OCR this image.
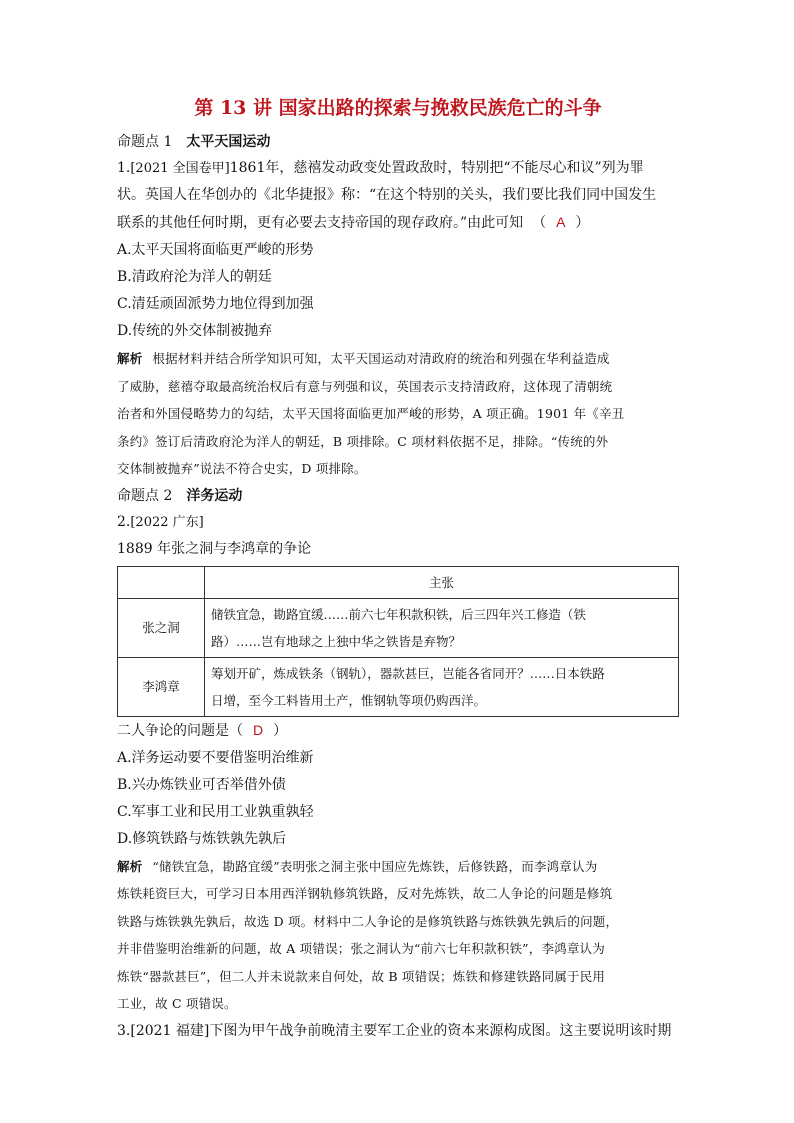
第 13 讲 国家出路的探索与挽救民族危亡的斗争
命题点 1 太平天国运动
1.[2021 全国卷甲]1861年，慈禧发动政变处置政敌时，特别把“不能尽心和议”列为罪
状。英国人在华创办的《北华捷报》称：“在这个特别的关头，我们要比我们同中国发生
联系的其他任何时期，更有必要去支持帝国的现存政府。”由此可知 （ A ）
A.太平天国将面临更严峻的形势
B.清政府沦为洋人的朝廷
C.清廷顽固派势力地位得到加强
D.传统的外交体制被抛弃
解析 根据材料并结合所学知识可知，太平天国运动对清政府的统治和列强在华利益造成
了威胁，慈禧夺取最高统治权后有意与列强和议，英国表示支持清政府，这体现了清朝统
治者和外国侵略势力的勾结，太平天国将面临更加严峻的形势，A 项正确。1901 年《辛丑
条约》签订后清政府沦为洋人的朝廷，B 项排除。C 项材料依据不足，排除。“传统的外
交体制被抛弃”说法不符合史实，D 项排除。
命题点 2 洋务运动
2.[2022 广东]
1889 年张之洞与李鸿章的争论
	主张
张之洞	储铁宜急，勘路宜缓……前六七年积款积铁，后三四年兴工修造（铁
路）……岂有地球之上独中华之铁皆是弃物？

李鸿章	筹划开矿，炼成铁条（钢轨），器款甚巨，岂能各省同开？……日本铁路
日增，至今工料皆用土产，惟钢轨等项仍购西洋。
二人争论的问题是（ D ）
A.洋务运动要不要借鉴明治维新
B.兴办炼铁业可否举借外债
C.军事工业和民用工业孰重孰轻
D.修筑铁路与炼铁孰先孰后
解析 “储铁宜急，勘路宜缓”表明张之洞主张中国应先炼铁，后修铁路，而李鸿章认为
炼铁耗资巨大，可学习日本用西洋钢轨修筑铁路，反对先炼铁，故二人争论的问题是修筑
铁路与炼铁孰先孰后，故选 D 项。材料中二人争论的是修筑铁路与炼铁孰先孰后的问题，
并非借鉴明治维新的问题，故 A 项错误；张之洞认为“前六七年积款积铁”，李鸿章认为
炼铁“器款甚巨”，但二人并未说款来自何处，故 B 项错误；炼铁和修建铁路同属于民用
工业，故 C 项错误。
3.[2021 福建]下图为甲午战争前晚清主要军工企业的资本来源构成图。这主要说明该时期
